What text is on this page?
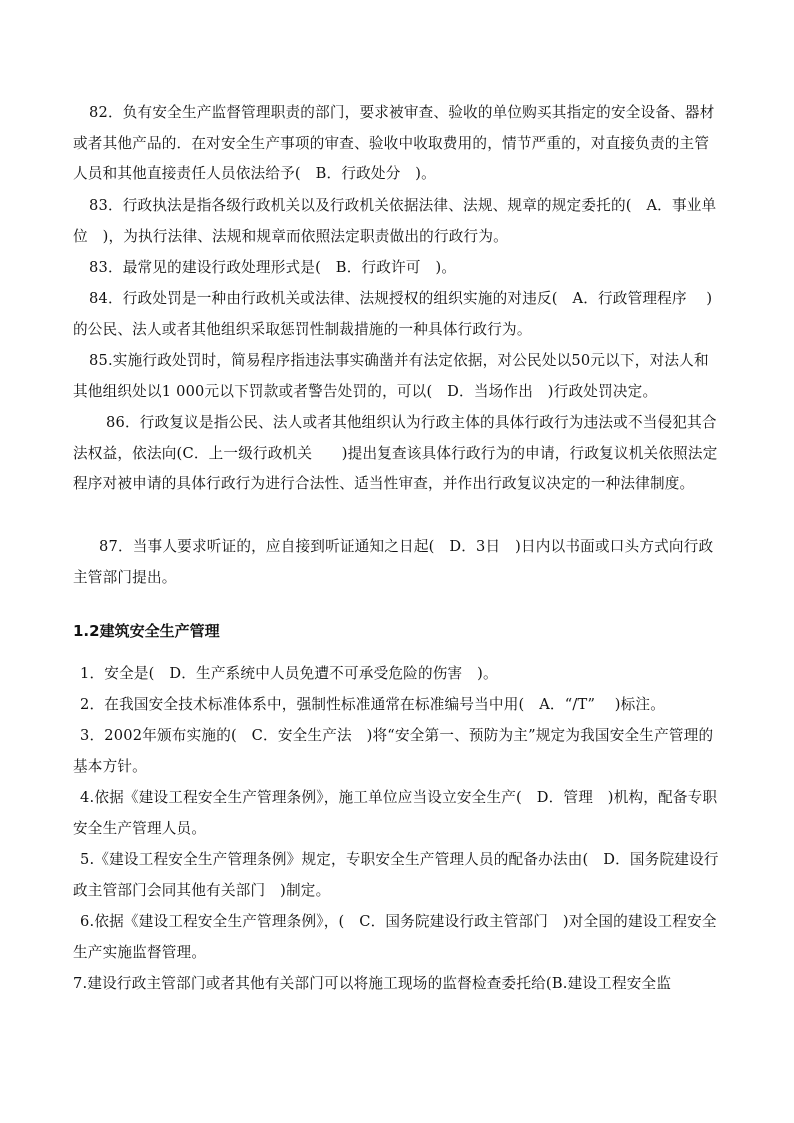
82．负有安全生产监督管理职责的部门，要求被审查、验收的单位购买其指定的安全设备、器材或者其他产品的．在对安全生产事项的审查、验收中收取费用的，情节严重的，对直接负责的主管人员和其他直接责任人员依法给予(　B．行政处分　)。
83．行政执法是指各级行政机关以及行政机关依据法律、法规、规章的规定委托的(　A．事业单位　)，为执行法律、法规和规章而依照法定职责做出的行政行为。
83．最常见的建设行政处理形式是(　B．行政许可　)。
84．行政处罚是一种由行政机关或法律、法规授权的组织实施的对违反(　A．行政管理程序　 )的公民、法人或者其他组织采取惩罚性制裁措施的一种具体行政行为。
85.实施行政处罚时，简易程序指违法事实确凿并有法定依据，对公民处以50元以下，对法人和其他组织处以1 000元以下罚款或者警告处罚的，可以(　D．当场作出　)行政处罚决定。
86．行政复议是指公民、法人或者其他组织认为行政主体的具体行政行为违法或不当侵犯其合法权益，依法向(C．上一级行政机关　　)提出复查该具体行政行为的申请，行政复议机关依照法定程序对被申请的具体行政行为进行合法性、适当性审查，并作出行政复议决定的一种法律制度。
87．当事人要求听证的，应自接到听证通知之日起(　D．3日　)日内以书面或口头方式向行政主管部门提出。
1.2建筑安全生产管理
1．安全是(　D．生产系统中人员免遭不可承受危险的伤害　)。
2．在我国安全技术标准体系中，强制性标准通常在标准编号当中用(　A．“/T”　 )标注。
3．2002年颁布实施的(　C．安全生产法　)将“安全第一、预防为主”规定为我国安全生产管理的基本方针。
4.依据《建设工程安全生产管理条例》，施工单位应当设立安全生产(　D．管理　)机构，配备专职安全生产管理人员。
5.《建设工程安全生产管理条例》规定，专职安全生产管理人员的配备办法由(　D．国务院建设行政主管部门会同其他有关部门　)制定。
6.依据《建设工程安全生产管理条例》，(　C．国务院建设行政主管部门　)对全国的建设工程安全生产实施监督管理。
7.建设行政主管部门或者其他有关部门可以将施工现场的监督检查委托给(B.建设工程安全监
